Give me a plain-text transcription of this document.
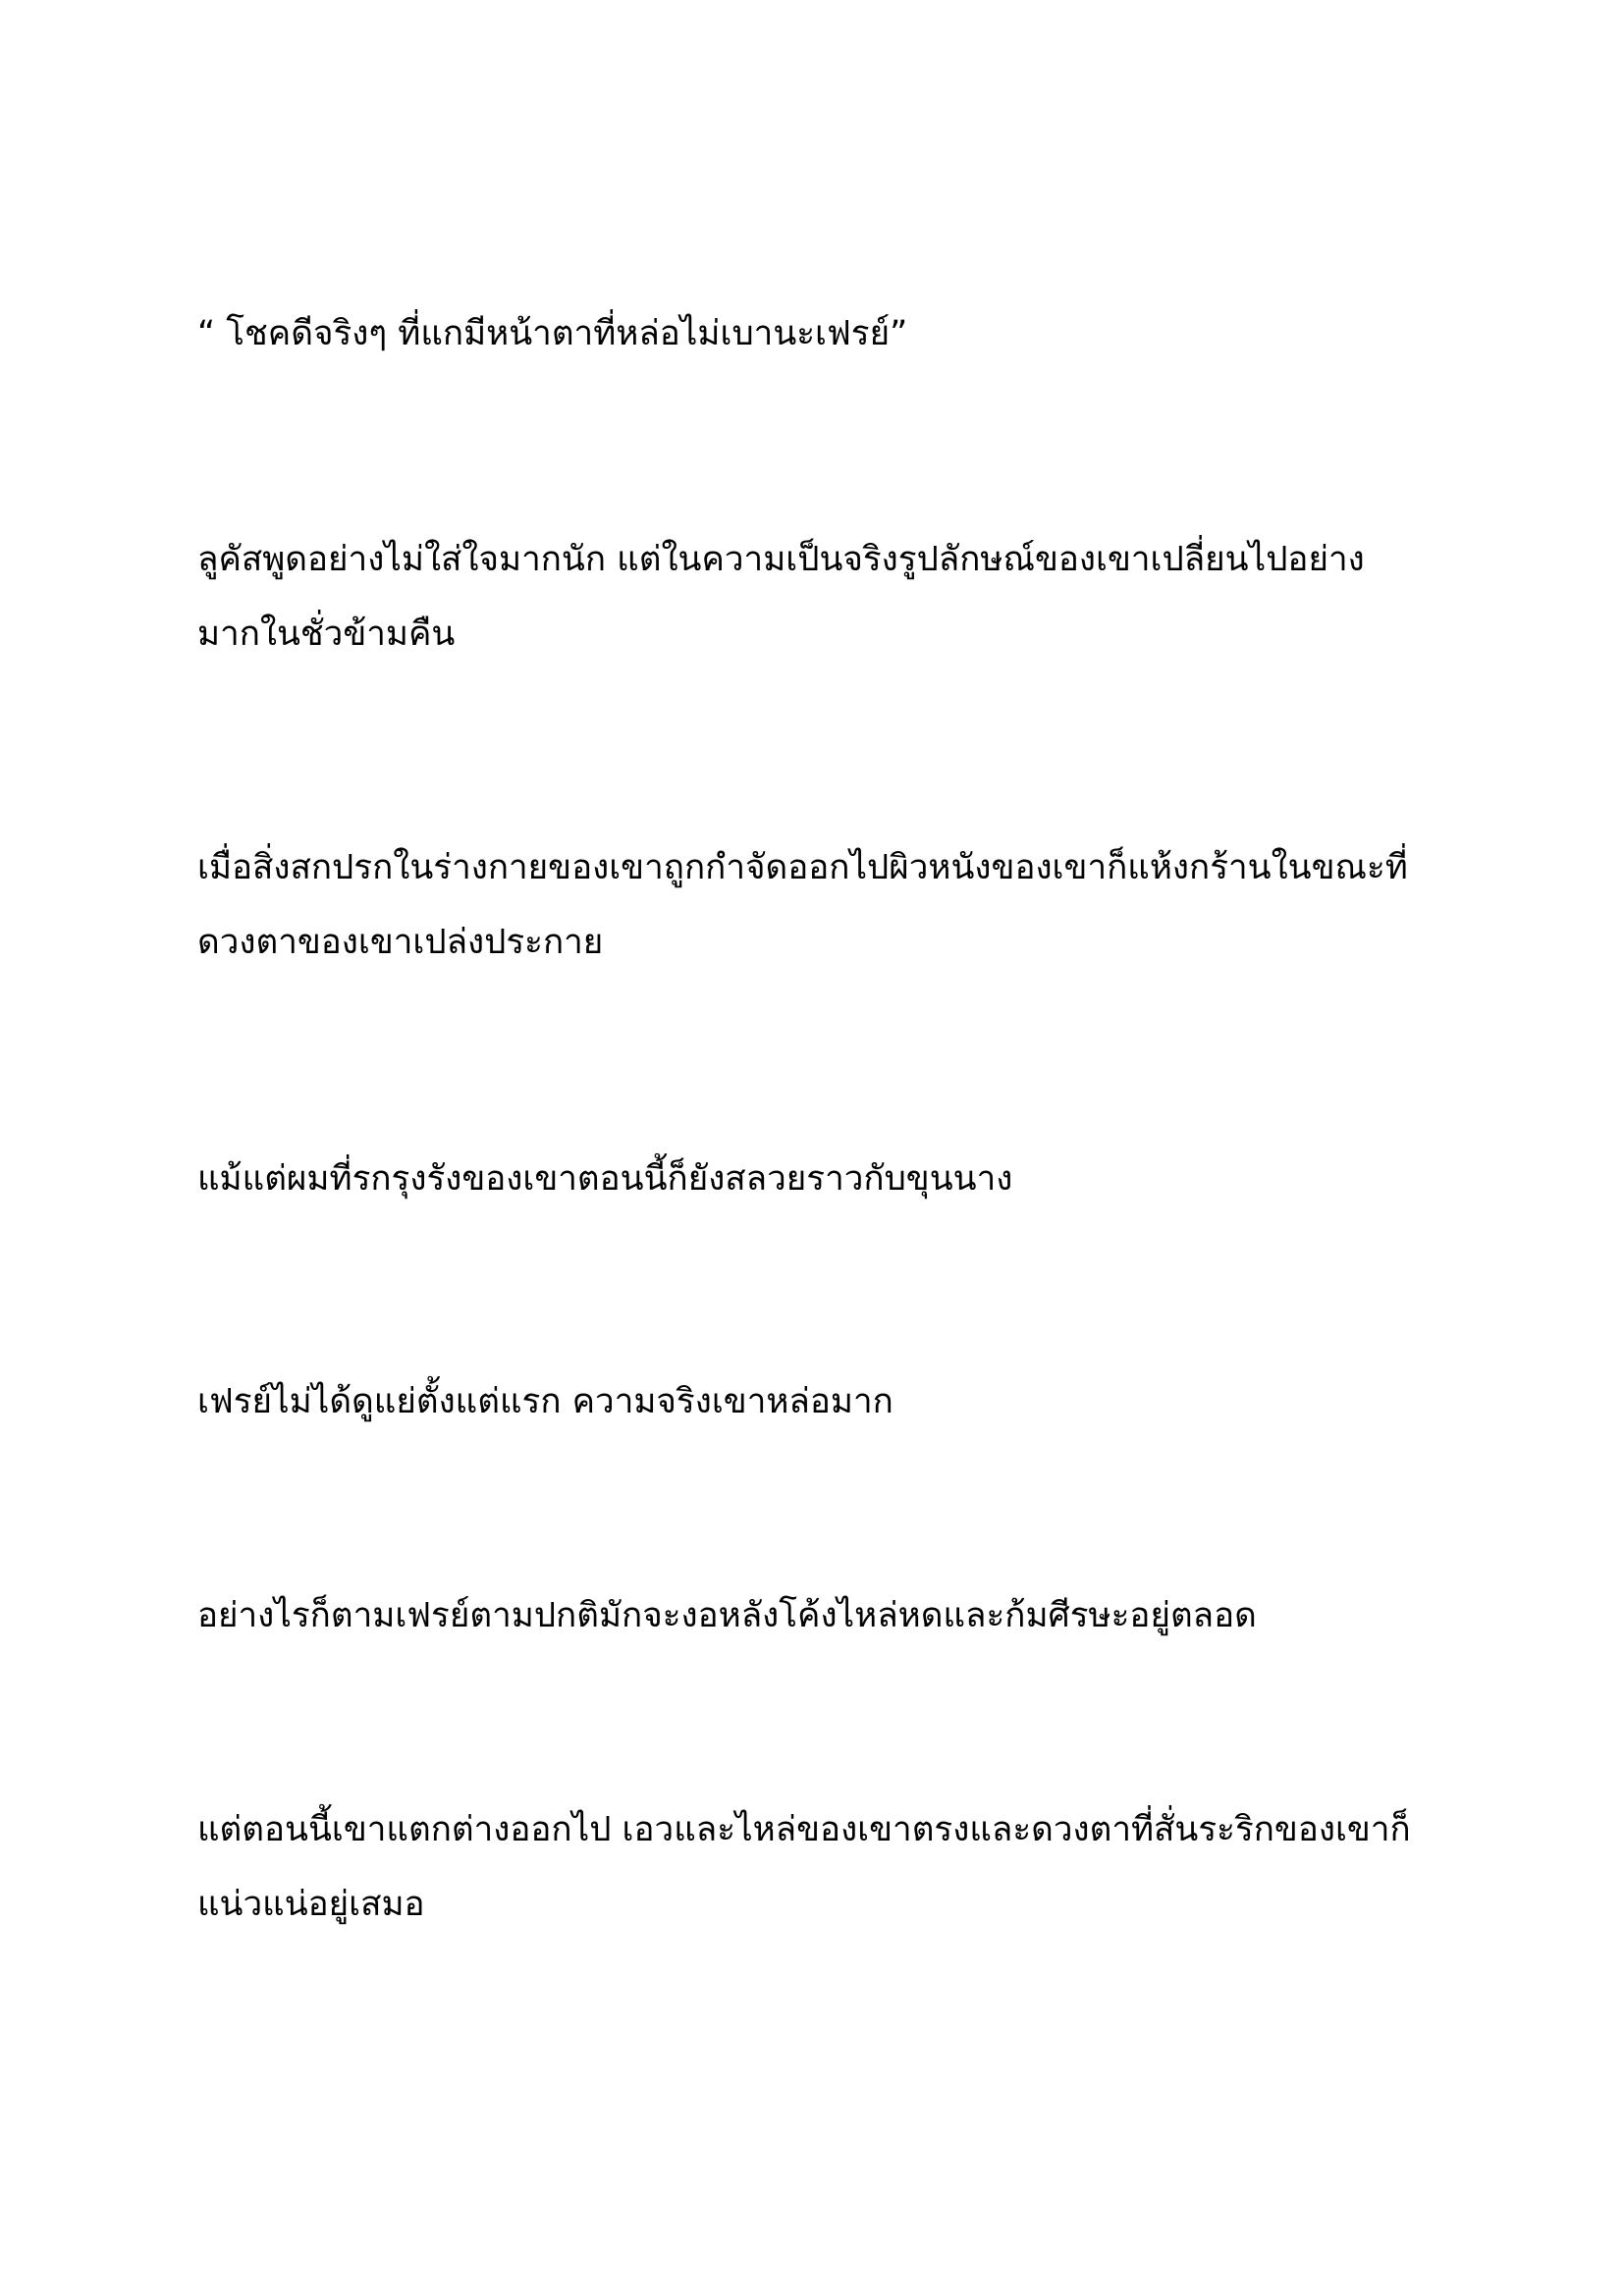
“ โชคดีจริงๆ ที่แกมีหน้าตาที่หล่อไม่เบานะเฟรย์”

ลูคัสพูดอย่างไม่ใส่ใจมากนัก แต่ในความเป็นจริงรูปลักษณ์ของเขาเปลี่ยนไปอย่าง
มากในชั่วข้ามคืน

เมื่อสิ่งสกปรกในร่างกายของเขาถูกกำจัดออกไปผิวหนังของเขาก็แห้งกร้านในขณะที่
ดวงตาของเขาเปล่งประกาย

แม้แต่ผมที่รกรุงรังของเขาตอนนี้ก็ยังสลวยราวกับขุนนาง

เฟรย์ไม่ได้ดูแย่ตั้งแต่แรก ความจริงเขาหล่อมาก

อย่างไรก็ตามเฟรย์ตามปกติมักจะงอหลังโค้งไหล่หดและก้มศีรษะอยู่ตลอด

แต่ตอนนี้เขาแตกต่างออกไป เอวและไหล่ของเขาตรงและดวงตาที่สั่นระริกของเขาก็
แน่วแน่อยู่เสมอ
